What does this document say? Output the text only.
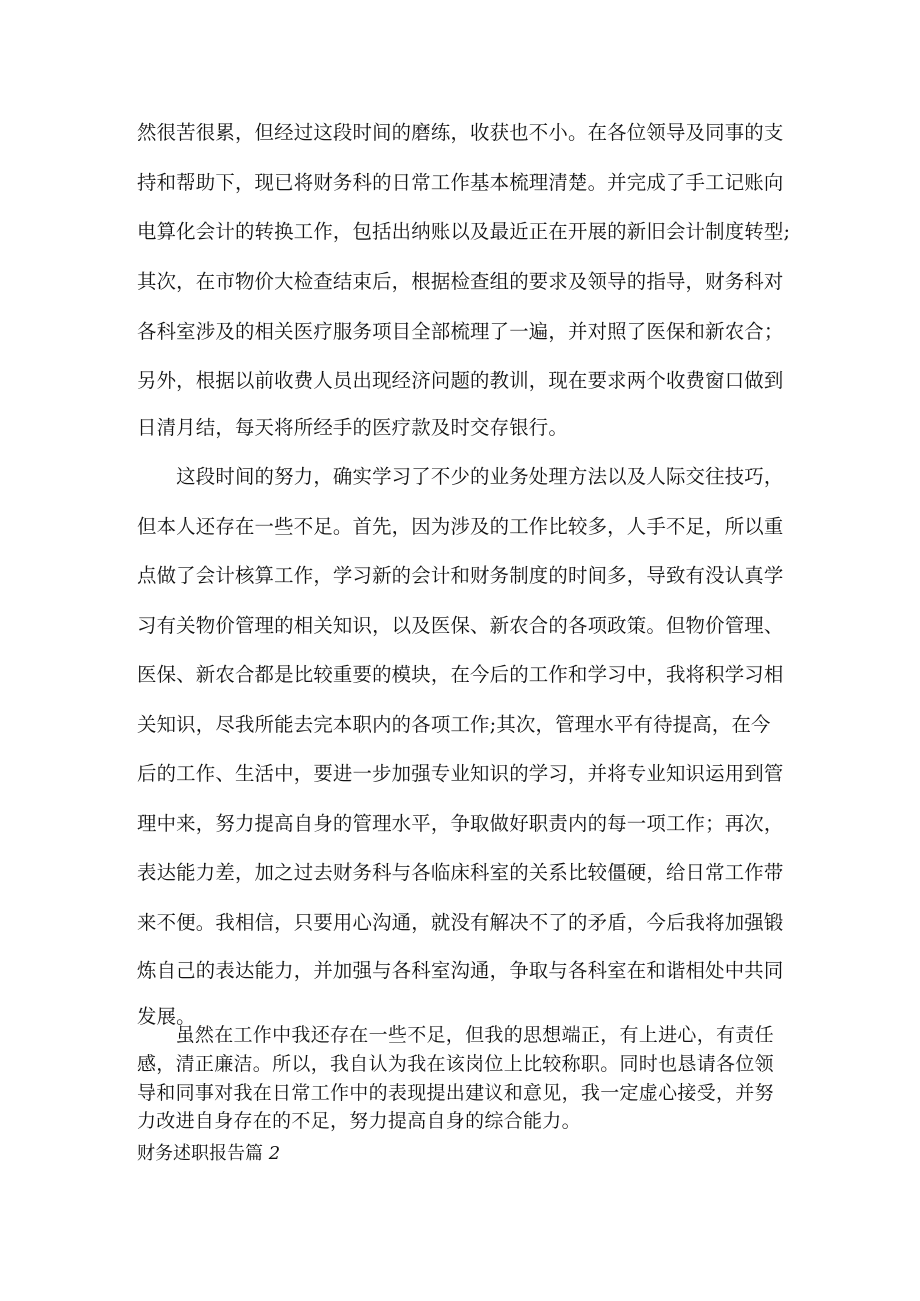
然很苦很累，但经过这段时间的磨练，收获也不小。在各位领导及同事的支
持和帮助下，现已将财务科的日常工作基本梳理清楚。并完成了手工记账向
电算化会计的转换工作，包括出纳账以及最近正在开展的新旧会计制度转型;
其次，在市物价大检查结束后，根据检查组的要求及领导的指导，财务科对
各科室涉及的相关医疗服务项目全部梳理了一遍，并对照了医保和新农合；
另外，根据以前收费人员出现经济问题的教训，现在要求两个收费窗口做到
日清月结，每天将所经手的医疗款及时交存银行。
　　这段时间的努力，确实学习了不少的业务处理方法以及人际交往技巧，
但本人还存在一些不足。首先，因为涉及的工作比较多，人手不足，所以重
点做了会计核算工作，学习新的会计和财务制度的时间多，导致有没认真学
习有关物价管理的相关知识，以及医保、新农合的各项政策。但物价管理、
医保、新农合都是比较重要的模块，在今后的工作和学习中，我将积学习相
关知识，尽我所能去完本职内的各项工作;其次，管理水平有待提高，在今
后的工作、生活中，要进一步加强专业知识的学习，并将专业知识运用到管
理中来，努力提高自身的管理水平，争取做好职责内的每一项工作；再次，
表达能力差，加之过去财务科与各临床科室的关系比较僵硬，给日常工作带
来不便。我相信，只要用心沟通，就没有解决不了的矛盾，今后我将加强锻
炼自己的表达能力，并加强与各科室沟通，争取与各科室在和谐相处中共同
发展。
　　虽然在工作中我还存在一些不足，但我的思想端正，有上进心，有责任
感，清正廉洁。所以，我自认为我在该岗位上比较称职。同时也恳请各位领
导和同事对我在日常工作中的表现提出建议和意见，我一定虚心接受，并努
力改进自身存在的不足，努力提高自身的综合能力。
财务述职报告篇 2
